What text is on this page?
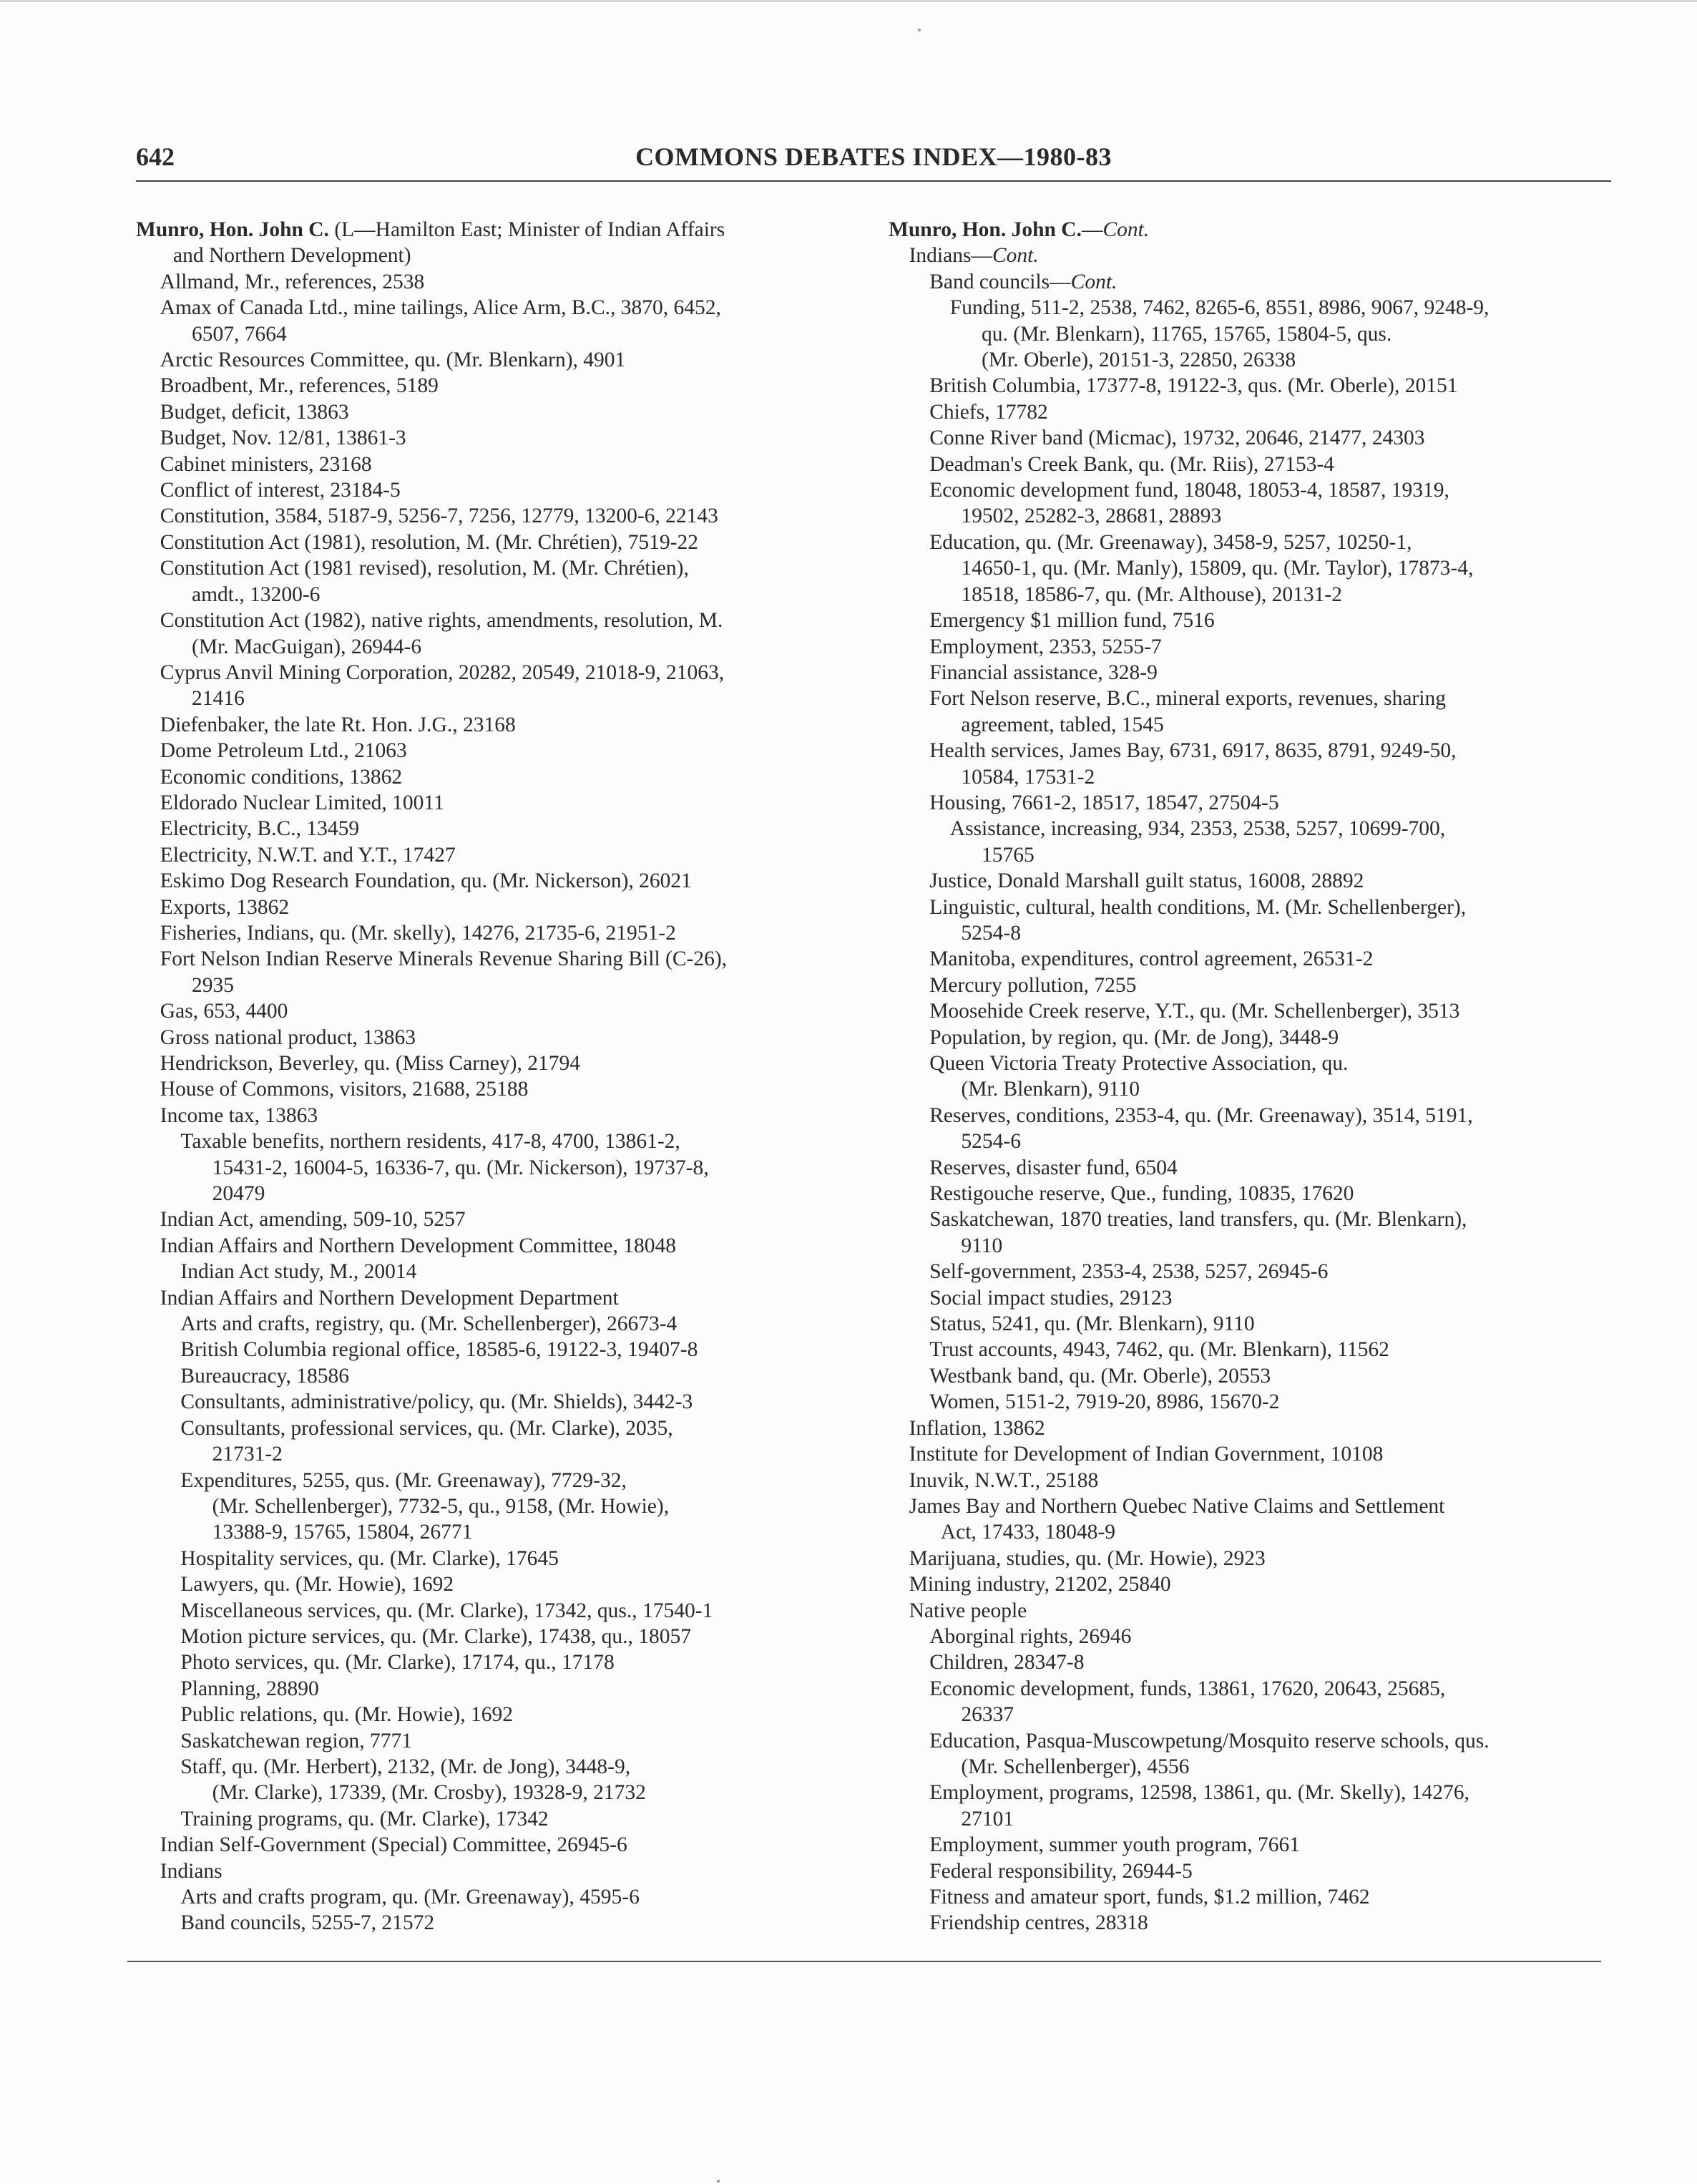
642	COMMONS DEBATES INDEX—1980-83
Munro, Hon. John C. (L—Hamilton East; Minister of Indian Affairs
and Northern Development)
Allmand, Mr., references, 2538
Amax of Canada Ltd., mine tailings, Alice Arm, B.C., 3870, 6452,
6507, 7664
Arctic Resources Committee, qu. (Mr. Blenkarn), 4901
Broadbent, Mr., references, 5189
Budget, deficit, 13863
Budget, Nov. 12/81, 13861-3
Cabinet ministers, 23168
Conflict of interest, 23184-5
Constitution, 3584, 5187-9, 5256-7, 7256, 12779, 13200-6, 22143
Constitution Act (1981), resolution, M. (Mr. Chrétien), 7519-22
Constitution Act (1981 revised), resolution, M. (Mr. Chrétien),
amdt., 13200-6
Constitution Act (1982), native rights, amendments, resolution, M.
(Mr. MacGuigan), 26944-6
Cyprus Anvil Mining Corporation, 20282, 20549, 21018-9, 21063,
21416
Diefenbaker, the late Rt. Hon. J.G., 23168
Dome Petroleum Ltd., 21063
Economic conditions, 13862
Eldorado Nuclear Limited, 10011
Electricity, B.C., 13459
Electricity, N.W.T. and Y.T., 17427
Eskimo Dog Research Foundation, qu. (Mr. Nickerson), 26021
Exports, 13862
Fisheries, Indians, qu. (Mr. skelly), 14276, 21735-6, 21951-2
Fort Nelson Indian Reserve Minerals Revenue Sharing Bill (C-26),
2935
Gas, 653, 4400
Gross national product, 13863
Hendrickson, Beverley, qu. (Miss Carney), 21794
House of Commons, visitors, 21688, 25188
Income tax, 13863
Taxable benefits, northern residents, 417-8, 4700, 13861-2,
15431-2, 16004-5, 16336-7, qu. (Mr. Nickerson), 19737-8,
20479
Indian Act, amending, 509-10, 5257
Indian Affairs and Northern Development Committee, 18048
Indian Act study, M., 20014
Indian Affairs and Northern Development Department
Arts and crafts, registry, qu. (Mr. Schellenberger), 26673-4
British Columbia regional office, 18585-6, 19122-3, 19407-8
Bureaucracy, 18586
Consultants, administrative/policy, qu. (Mr. Shields), 3442-3
Consultants, professional services, qu. (Mr. Clarke), 2035,
21731-2
Expenditures, 5255, qus. (Mr. Greenaway), 7729-32,
(Mr. Schellenberger), 7732-5, qu., 9158, (Mr. Howie),
13388-9, 15765, 15804, 26771
Hospitality services, qu. (Mr. Clarke), 17645
Lawyers, qu. (Mr. Howie), 1692
Miscellaneous services, qu. (Mr. Clarke), 17342, qus., 17540-1
Motion picture services, qu. (Mr. Clarke), 17438, qu., 18057
Photo services, qu. (Mr. Clarke), 17174, qu., 17178
Planning, 28890
Public relations, qu. (Mr. Howie), 1692
Saskatchewan region, 7771
Staff, qu. (Mr. Herbert), 2132, (Mr. de Jong), 3448-9,
(Mr. Clarke), 17339, (Mr. Crosby), 19328-9, 21732
Training programs, qu. (Mr. Clarke), 17342
Indian Self-Government (Special) Committee, 26945-6
Indians
Arts and crafts program, qu. (Mr. Greenaway), 4595-6
Band councils, 5255-7, 21572
Munro, Hon. John C.—Cont.
Indians—Cont.
Band councils—Cont.
Funding, 511-2, 2538, 7462, 8265-6, 8551, 8986, 9067, 9248-9,
qu. (Mr. Blenkarn), 11765, 15765, 15804-5, qus.
(Mr. Oberle), 20151-3, 22850, 26338
British Columbia, 17377-8, 19122-3, qus. (Mr. Oberle), 20151
Chiefs, 17782
Conne River band (Micmac), 19732, 20646, 21477, 24303
Deadman's Creek Bank, qu. (Mr. Riis), 27153-4
Economic development fund, 18048, 18053-4, 18587, 19319,
19502, 25282-3, 28681, 28893
Education, qu. (Mr. Greenaway), 3458-9, 5257, 10250-1,
14650-1, qu. (Mr. Manly), 15809, qu. (Mr. Taylor), 17873-4,
18518, 18586-7, qu. (Mr. Althouse), 20131-2
Emergency $1 million fund, 7516
Employment, 2353, 5255-7
Financial assistance, 328-9
Fort Nelson reserve, B.C., mineral exports, revenues, sharing
agreement, tabled, 1545
Health services, James Bay, 6731, 6917, 8635, 8791, 9249-50,
10584, 17531-2
Housing, 7661-2, 18517, 18547, 27504-5
Assistance, increasing, 934, 2353, 2538, 5257, 10699-700,
15765
Justice, Donald Marshall guilt status, 16008, 28892
Linguistic, cultural, health conditions, M. (Mr. Schellenberger),
5254-8
Manitoba, expenditures, control agreement, 26531-2
Mercury pollution, 7255
Moosehide Creek reserve, Y.T., qu. (Mr. Schellenberger), 3513
Population, by region, qu. (Mr. de Jong), 3448-9
Queen Victoria Treaty Protective Association, qu.
(Mr. Blenkarn), 9110
Reserves, conditions, 2353-4, qu. (Mr. Greenaway), 3514, 5191,
5254-6
Reserves, disaster fund, 6504
Restigouche reserve, Que., funding, 10835, 17620
Saskatchewan, 1870 treaties, land transfers, qu. (Mr. Blenkarn),
9110
Self-government, 2353-4, 2538, 5257, 26945-6
Social impact studies, 29123
Status, 5241, qu. (Mr. Blenkarn), 9110
Trust accounts, 4943, 7462, qu. (Mr. Blenkarn), 11562
Westbank band, qu. (Mr. Oberle), 20553
Women, 5151-2, 7919-20, 8986, 15670-2
Inflation, 13862
Institute for Development of Indian Government, 10108
Inuvik, N.W.T., 25188
James Bay and Northern Quebec Native Claims and Settlement
Act, 17433, 18048-9
Marijuana, studies, qu. (Mr. Howie), 2923
Mining industry, 21202, 25840
Native people
Aborginal rights, 26946
Children, 28347-8
Economic development, funds, 13861, 17620, 20643, 25685,
26337
Education, Pasqua-Muscowpetung/Mosquito reserve schools, qus.
(Mr. Schellenberger), 4556
Employment, programs, 12598, 13861, qu. (Mr. Skelly), 14276,
27101
Employment, summer youth program, 7661
Federal responsibility, 26944-5
Fitness and amateur sport, funds, $1.2 million, 7462
Friendship centres, 28318
